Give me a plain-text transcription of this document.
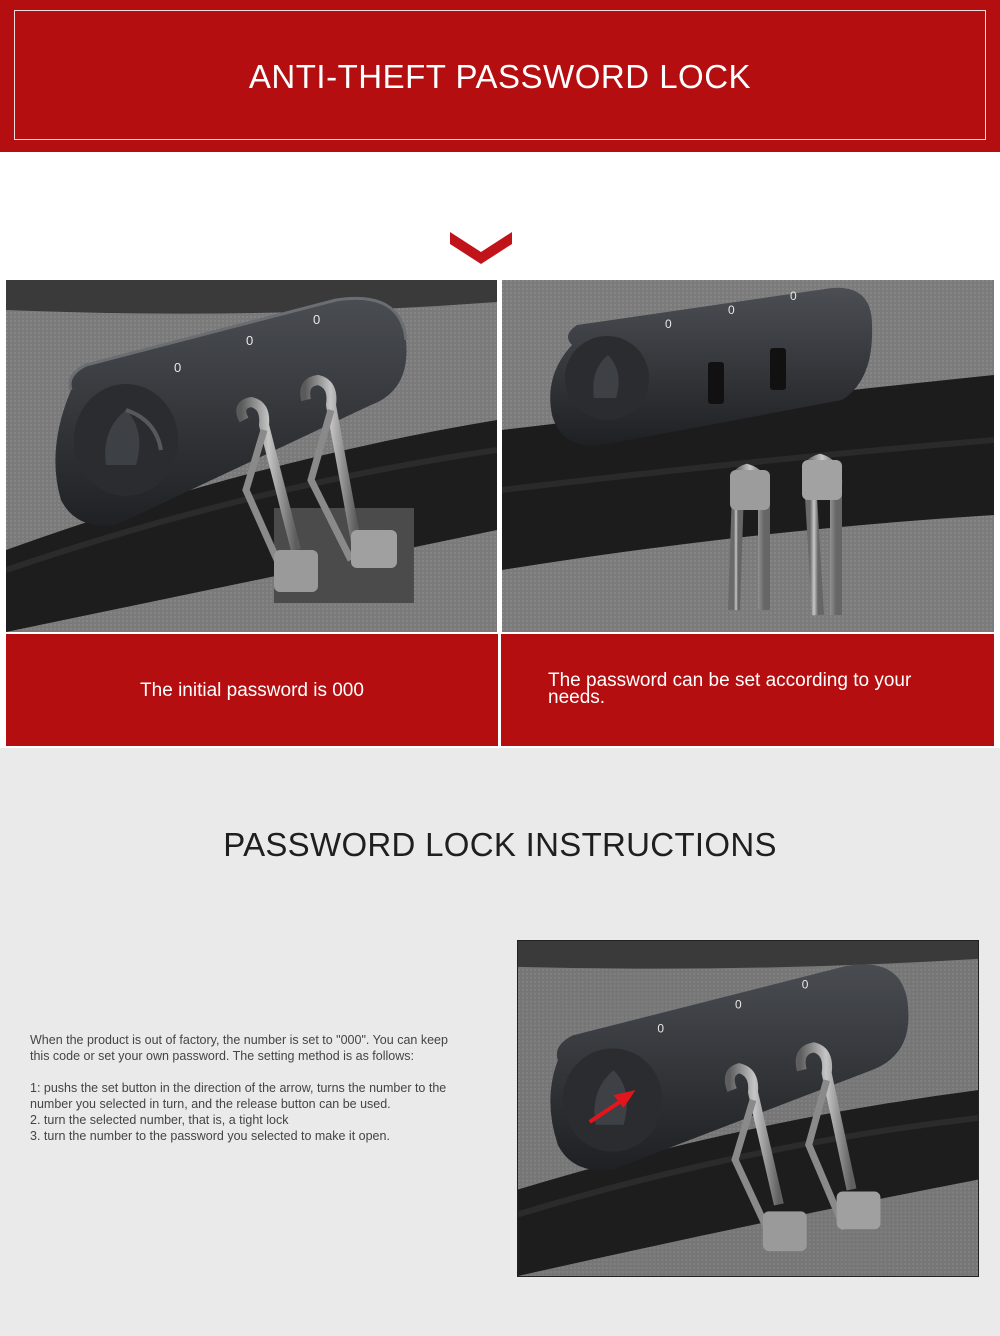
ANTI-THEFT PASSWORD LOCK
0
0
0	0
0
0
The initial password is 000	The password can be set according to your needs.
PASSWORD LOCK INSTRUCTIONS

When the product is out of factory, the number is set to "000". You can keep this code or set your own password. The setting method is as follows:

1: pushs the set button in the direction of the arrow, turns the number to the number you selected in turn, and the release button can be used.

2. turn the selected number, that is, a tight lock

3. turn the number to the password you selected to make it open.

0
0
0
